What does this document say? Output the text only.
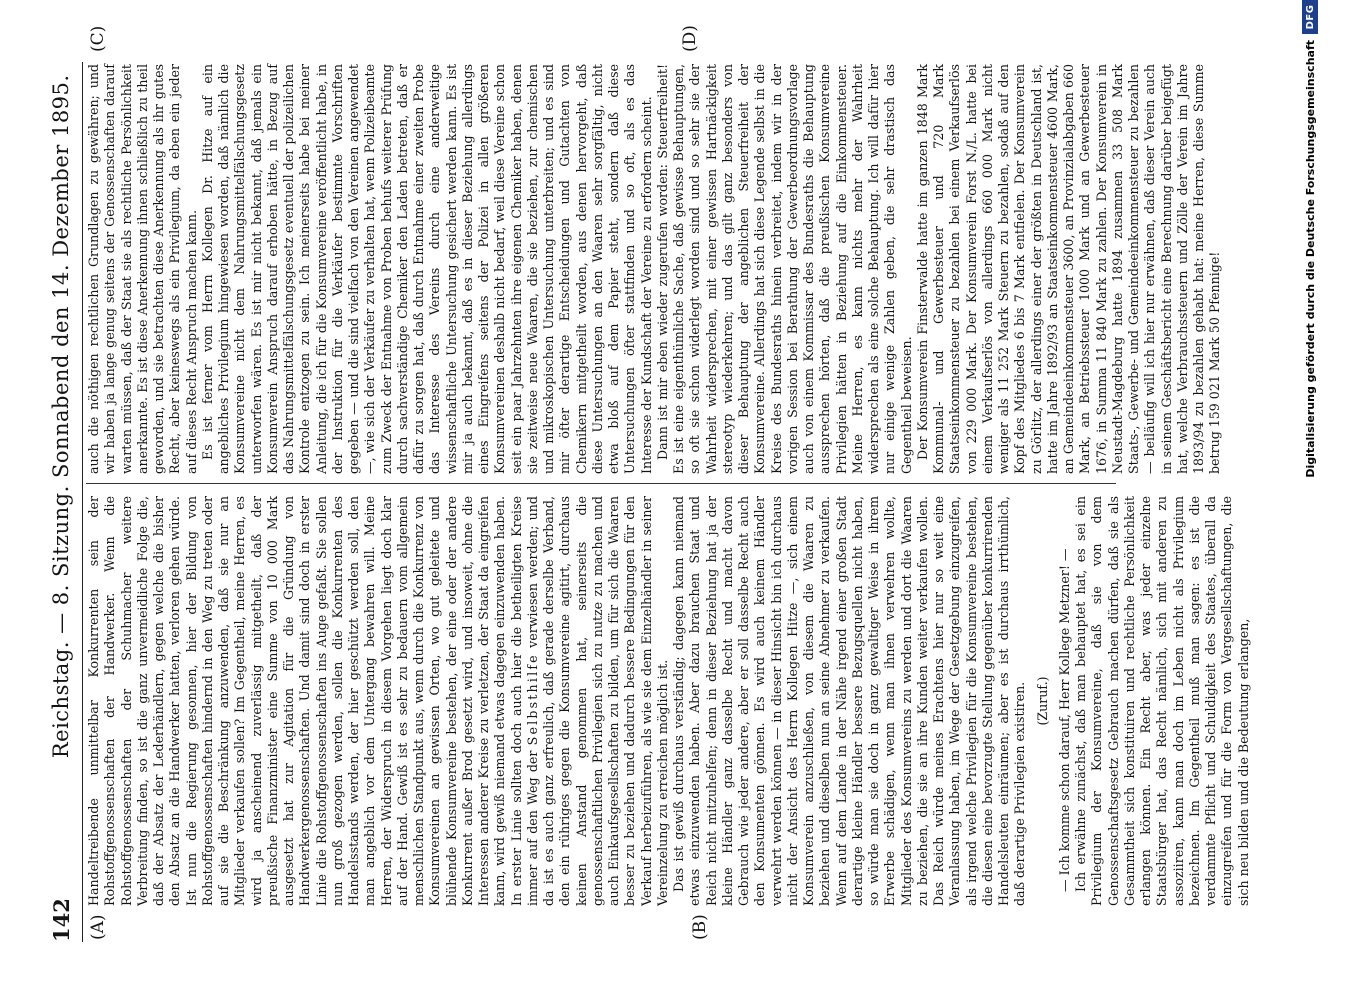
142
Reichstag. — 8. Sitzung. Sonnabend den 14. Dezember 1895.
(A)	(B)
(C)	(D)

Handeltreibende unmittelbar Konkurrenten sein der Rohstoffgenossenschaften der Handwerker. Wenn die Rohstoffgenossenschaften der Schuhmacher weitere Verbreitung finden, so ist die ganz unvermeidliche Folge die, daß der Absatz der Lederhändlern, gegen welche die bisher den Absatz an die Handwerker hatten, verloren gehen würde. Ist nun die Regierung gesonnen, hier der Bildung von Rohstoffgenossenschaften hindernd in den Weg zu treten oder auf sie die Beschränkung anzuwenden, daß sie nur an Mitglieder verkaufen sollen? Im Gegentheil, meine Herren, es wird ja anscheinend zuverlässig mitgetheilt, daß der preußische Finanzminister eine Summe von 10 000 Mark ausgesetzt hat zur Agitation für die Gründung von Handwerkergenossenschaften. Und damit sind doch in erster Linie die Rohstoffgenossenschaften ins Auge gefaßt. Sie sollen nun groß gezogen werden, sollen die Konkurrenten des Handelsstands werden, der hier geschützt werden soll, den man angeblich vor dem Untergang bewahren will. Meine Herren, der Widerspruch in diesem Vorgehen liegt doch klar auf der Hand. Gewiß ist es sehr zu bedauern vom allgemein menschlichen Standpunkt aus, wenn durch die Konkurrenz von Konsumvereinen an gewissen Orten, wo gut geleitete und blühende Konsumvereine bestehen, der eine oder der andere Konkurrent außer Brod gesetzt wird, und insoweit, ohne die Interessen anderer Kreise zu verletzen, der Staat da eingreifen kann, wird gewiß niemand etwas dagegen einzuwenden haben. In erster Linie sollten doch auch hier die betheiligten Kreise immer auf den Weg der Selbsthilfe verwiesen werden; und da ist es auch ganz erfreulich, daß gerade derselbe Verband, den ein rühriges gegen die Konsumvereine agitirt, durchaus keinen Anstand genommen hat, seinerseits die genossenschaftlichen Privilegien sich zu nutze zu machen und auch Einkaufsgesellschaften zu bilden, um für sich die Waaren besser zu beziehen und dadurch bessere Bedingungen für den Verkauf herbeizuführen, als wie sie dem Einzelhändler in seiner Vereinzelung zu erreichen möglich ist. Das ist gewiß durchaus verständig; dagegen kann niemand etwas einzuwenden haben. Aber dazu brauchen Staat und Reich nicht mitzuhelfen; denn in dieser Beziehung hat ja der kleine Händler ganz dasselbe Recht und macht davon Gebrauch wie jeder andere, aber er soll dasselbe Recht auch den Konsumenten gönnen. Es wird auch keinem Händler verwehrt werden können — in dieser Hinsicht bin ich durchaus nicht der Ansicht des Herrn Kollegen Hitze —, sich einem Konsumverein anzuschließen, von diesem die Waaren zu beziehen und dieselben nun an seine Abnehmer zu verkaufen. Wenn auf dem Lande in der Nähe irgend einer großen Stadt derartige kleine Händler bessere Bezugsquellen nicht haben, so würde man sie doch in ganz gewaltiger Weise in ihrem Erwerbe schädigen, wenn man ihnen verwehren wollte, Mitglieder des Konsumvereins zu werden und dort die Waaren zu beziehen, die sie an ihre Kunden weiter verkaufen wollen. Das Reich würde meines Erachtens hier nur so weit eine Veranlassung haben, im Wege der Gesetzgebung einzugreifen, als irgend welche Privilegien für die Konsumvereine bestehen, die diesen eine bevorzugte Stellung gegenüber konkurrirenden Handelsleuten einräumen; aber es ist durchaus irrthümlich, daß derartige Privilegien existiren. (Zuruf.) — Ich komme schon darauf, Herr Kollege Metzner! — Ich erwähne zunächst, daß man behauptet hat, es sei ein Privilegium der Konsumvereine, daß sie von dem Genossenschaftsgesetz Gebrauch machen dürfen, daß sie als Gesammtheit sich konstituiren und rechtliche Persönlichkeit erlangen können. Ein Recht aber, was jeder einzelne Staatsbürger hat, das Recht nämlich, sich mit anderen zu assoziiren, kann man doch im Leben nicht als Privilegium bezeichnen. Im Gegentheil muß man sagen: es ist die verdammte Pflicht und Schuldigkeit des Staates, überall da einzugreifen und für die Form von Vergesellschaftungen, die sich neu bilden und die Bedeutung erlangen,

auch die nöthigen rechtlichen Grundlagen zu gewähren; und wir haben ja lange genug seitens der Genossenschaften darauf warten müssen, daß der Staat sie als rechtliche Persönlichkeit anerkannte. Es ist diese Anerkennung ihnen schließlich zu theil geworden, und sie betrachten diese Anerkennung als ihr gutes Recht, aber keineswegs als ein Privilegium, da eben ein jeder auf dieses Recht Anspruch machen kann. Es ist ferner vom Herrn Kollegen Dr. Hitze auf ein angebliches Privilegium hingewiesen worden, daß nämlich die Konsumvereine nicht dem Nahrungsmittelfälschungsgesetz unterworfen wären. Es ist mir nicht bekannt, daß jemals ein Konsumverein Anspruch darauf erhoben hätte, in Bezug auf das Nahrungsmittelfälschungsgesetz eventuell der polizeilichen Kontrole entzogen zu sein. Ich meinerseits habe bei meiner Anleitung, die ich für die Konsumvereine veröffentlicht habe, in der Instruktion für die Verkäufer bestimmte Vorschriften gegeben — und die sind vielfach von den Vereinen angewendet —, wie sich der Verkäufer zu verhalten hat, wenn Polizeibeamte zum Zweck der Entnahme von Proben behufs weiterer Prüfung durch sachverständige Chemiker den Laden betreten, daß er dafür zu sorgen hat, daß durch Entnahme einer zweiten Probe das Interesse des Vereins durch eine anderweitige wissenschaftliche Untersuchung gesichert werden kann. Es ist mir ja auch bekannt, daß es in dieser Beziehung allerdings eines Eingreifens seitens der Polizei in allen größeren Konsumvereinen deshalb nicht bedarf, weil diese Vereine schon seit ein paar Jahrzehnten ihre eigenen Chemiker haben, denen sie zeitweise neue Waaren, die sie beziehen, zur chemischen und mikroskopischen Untersuchung unterbreiten; und es sind mir öfter derartige Entscheidungen und Gutachten von Chemikern mitgetheilt worden, aus denen hervorgeht, daß diese Untersuchungen an den Waaren sehr sorgfältig, nicht etwa bloß auf dem Papier steht, sondern daß diese Untersuchungen öfter stattfinden und so oft, als es das Interesse der Kundschaft der Vereine zu erfordern scheint. Dann ist mir eben wieder zugerufen worden: Steuerfreiheit! Es ist eine eigenthümliche Sache, daß gewisse Behauptungen, so oft sie schon widerlegt worden sind und so sehr sie der Wahrheit widersprechen, mit einer gewissen Hartnäckigkeit stereotyp wiederkehren; und das gilt ganz besonders von dieser Behauptung der angeblichen Steuerfreiheit der Konsumvereine. Allerdings hat sich diese Legende selbst in die Kreise des Bundesraths hinein verbreitet, indem wir in der vorigen Session bei Berathung der Gewerbeordnungsvorlage auch von einem Kommissar des Bundesraths die Behauptung aussprechen hörten, daß die preußischen Konsumvereine Privilegien hätten in Beziehung auf die Einkommensteuer. Meine Herren, es kann nichts mehr der Wahrheit widersprechen als eine solche Behauptung. Ich will dafür hier nur einige wenige Zahlen geben, die sehr drastisch das Gegentheil beweisen. Der Konsumverein Finsterwalde hatte im ganzen 1848 Mark Kommunal- und Gewerbesteuer und 720 Mark Staatseinkommensteuer zu bezahlen bei einem Verkaufserlös von 229 000 Mark. Der Konsumverein Forst N./L. hatte bei einem Verkaufserlös von allerdings 660 000 Mark nicht weniger als 11 252 Mark Steuern zu bezahlen, sodaß auf den Kopf des Mitgliedes 6 bis 7 Mark entfielen. Der Konsumverein zu Görlitz, der allerdings einer der größten in Deutschland ist, hatte im Jahre 1892/93 an Staatseinkommensteuer 4600 Mark, an Gemeindeeinkommensteuer 3600, an Provinzialabgaben 660 Mark, an Betriebssteuer 1000 Mark und an Gewerbesteuer 1676, in Summa 11 840 Mark zu zahlen. Der Konsumverein in Neustadt-Magdeburg hatte 1894 zusammen 33 508 Mark Staats-, Gewerbe- und Gemeindeeinkommensteuer zu bezahlen — beiläufig will ich hier nur erwähnen, daß dieser Verein auch in seinem Geschäftsbericht eine Berechnung darüber beigefügt hat, welche Verbrauchssteuern und Zölle der Verein im Jahre 1893/94 zu bezahlen gehabt hat: meine Herren, diese Summe betrug 159 021 Mark 50 Pfennige!	Digitalisierung gefördert durch die Deutsche Forschungsgemeinschaft
DFG
